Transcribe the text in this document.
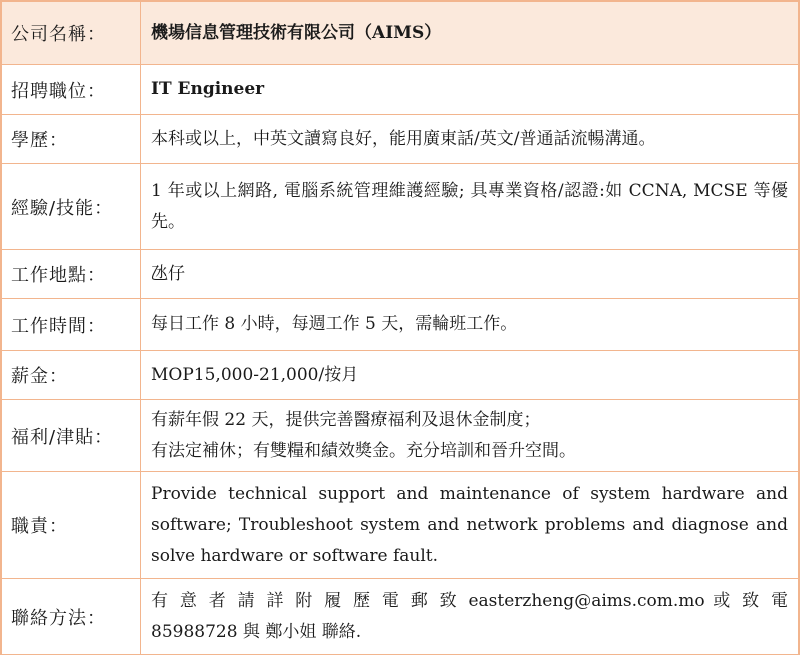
公司名稱：	機場信息管理技術有限公司（AIMS）
招聘職位：	IT Engineer
學歷：	本科或以上，中英文讀寫良好，能用廣東話/英文/普通話流暢溝通。
經驗/技能：	1 年或以上網路, 電腦系統管理維護經驗; 具專業資格/認證:如 CCNA, MCSE 等優先。
工作地點：	氹仔
工作時間：	每日工作 8 小時，每週工作 5 天，需輪班工作。
薪金：	MOP15,000-21,000/按月
福利/津貼：	有薪年假 22 天，提供完善醫療福利及退休金制度；
有法定補休；有雙糧和績效獎金。充分培訓和晉升空間。

職責：	Provide technical support and maintenance of system hardware and software; Troubleshoot system and network problems and diagnose and solve hardware or software fault.
聯絡方法：	有 意 者 請 詳 附 履 歷 電 郵 致 easterzheng@aims.com.mo 或 致 電
85988728 與 鄭小姐 聯絡.
